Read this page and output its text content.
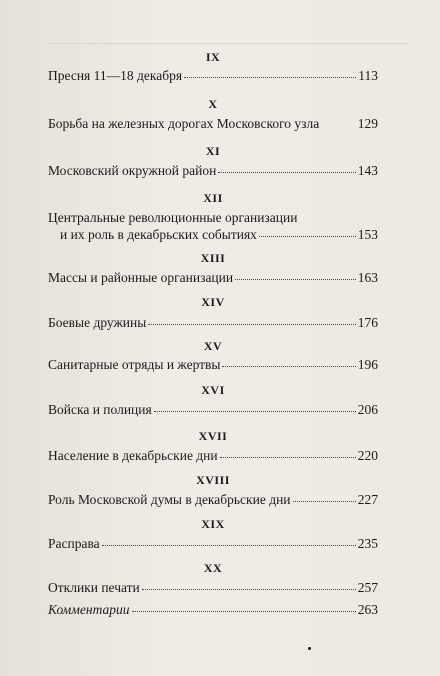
IX
Пресня 11—18 декабря	113
X
Борьба на железных дорогах Московского узла	129
XI
Московский окружной район	143
XII
Центральные революционные организации
и их роль в декабрьских событиях	153
XIII
Массы и районные организации	163
XIV
Боевые дружины	176
XV
Санитарные отряды и жертвы	196
XVI
Войска и полиция	206
XVII
Население в декабрьские дни	220
XVIII
Роль Московской думы в декабрьские дни	227
XIX
Расправа	235
XX
Отклики печати	257
Комментарии	263
